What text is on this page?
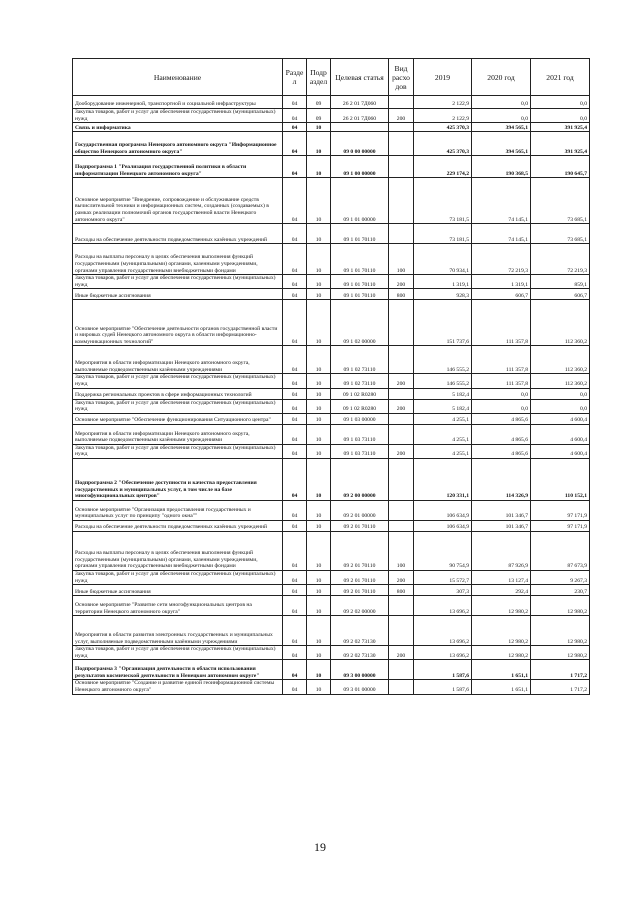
Наименование	Разде л	Подр аздел	Целевая статья	Вид расхо дов	2019	2020 год	2021 год
Дооборудование инженерной, транспортной и социальной инфраструктуры	04	09	26 2 01 7Д060		2 122,9	0,0	0,0
Закупка товаров, работ и услуг для обеспечения государственных (муниципальных) нужд	04	09	26 2 01 7Д060	200	2 122,9	0,0	0,0
Связь и информатика	04	10			425 370,3	394 565,1	391 925,4
Государственная программа Ненецкого автономного округа "Информационное общество Ненецкого автономного округа"	04	10	09 0 00 00000		425 370,3	394 565,1	391 925,4
Подпрограмма 1 "Реализация государственной политики в области информатизации Ненецкого автономного округа"	04	10	09 1 00 00000		229 174,2	190 368,5	190 645,7
Основное мероприятие "Внедрение, сопровождение и обслуживание средств вычислительной техники и информационных систем, созданных (создаваемых) в рамках реализации полномочий органов государственной власти Ненецкого автономного округа"	04	10	09 1 01 00000		73 181,5	74 145,1	73 685,1
Расходы на обеспечение деятельности подведомственных казённых учреждений	04	10	09 1 01 70110		73 181,5	74 145,1	73 685,1
Расходы на выплаты персоналу в целях обеспечения выполнения функций государственными (муниципальными) органами, казенными учреждениями, органами управления государственными внебюджетными фондами	04	10	09 1 01 70110	100	70 934,1	72 219,3	72 219,3
Закупка товаров, работ и услуг для обеспечения государственных (муниципальных) нужд	04	10	09 1 01 70110	200	1 319,1	1 319,1	859,1
Иные бюджетные ассигнования	04	10	09 1 01 70110	800	928,3	606,7	606,7
Основное мероприятие "Обеспечение деятельности органов государственной власти и мировых судей Ненецкого автономного округа в области информационно-коммуникационных технологий"	04	10	09 1 02 00000		151 737,6	111 357,8	112 360,2
Мероприятия в области информатизации Ненецкого автономного округа, выполняемые подведомственными казёнными учреждениями	04	10	09 1 02 73110		146 555,2	111 357,8	112 360,2
Закупка товаров, работ и услуг для обеспечения государственных (муниципальных) нужд	04	10	09 1 02 73110	200	146 555,2	111 357,8	112 360,2
Поддержка региональных проектов в сфере информационных технологий	04	10	09 1 02 R0280		5 182,4	0,0	0,0
Закупка товаров, работ и услуг для обеспечения государственных (муниципальных) нужд	04	10	09 1 02 R0280	200	5 182,4	0,0	0,0
Основное мероприятие "Обеспечение функционирования Ситуационного центра"	04	10	09 1 03 00000		4 255,1	4 865,6	4 600,4
Мероприятия в области информатизации Ненецкого автономного округа, выполняемые подведомственными казёнными учреждениями	04	10	09 1 03 73110		4 255,1	4 865,6	4 600,4
Закупка товаров, работ и услуг для обеспечения государственных (муниципальных) нужд	04	10	09 1 03 73110	200	4 255,1	4 865,6	4 600,4
Подпрограмма 2 "Обеспечение доступности и качества предоставления государственных и муниципальных услуг, в том числе на базе многофункциональных центров"	04	10	09 2 00 00000		120 331,1	114 326,9	110 152,1
Основное мероприятие "Организация предоставления государственных и муниципальных услуг по принципу "одного окна""	04	10	09 2 01 00000		106 634,9	101 346,7	97 171,9
Расходы на обеспечение деятельности подведомственных казённых учреждений	04	10	09 2 01 70110		106 634,9	101 346,7	97 171,9
Расходы на выплаты персоналу в целях обеспечения выполнения функций государственными (муниципальными) органами, казенными учреждениями, органами управления государственными внебюджетными фондами	04	10	09 2 01 70110	100	90 754,9	87 926,9	87 673,9
Закупка товаров, работ и услуг для обеспечения государственных (муниципальных) нужд	04	10	09 2 01 70110	200	15 572,7	13 127,4	9 267,3
Иные бюджетные ассигнования	04	10	09 2 01 70110	800	307,3	292,4	230,7
Основное мероприятие "Развитие сети многофункциональных центров на территории Ненецкого автономного округа"	04	10	09 2 02 00000		13 696,2	12 980,2	12 980,2
Мероприятия в области развития электронных государственных и муниципальных услуг, выполняемые подведомственными казёнными учреждениями	04	10	09 2 02 73130		13 696,2	12 980,2	12 980,2
Закупка товаров, работ и услуг для обеспечения государственных (муниципальных) нужд	04	10	09 2 02 73130	200	13 696,2	12 980,2	12 980,2
Подпрограмма 3 "Организация деятельности в области использования результатов космической деятельности в Ненецком автономном округе"	04	10	09 3 00 00000		1 587,6	1 651,1	1 717,2
Основное мероприятие "Создание и развитие единой геоинформационной системы Ненецкого автономного округа"	04	10	09 3 01 00000		1 587,6	1 651,1	1 717,2
19
